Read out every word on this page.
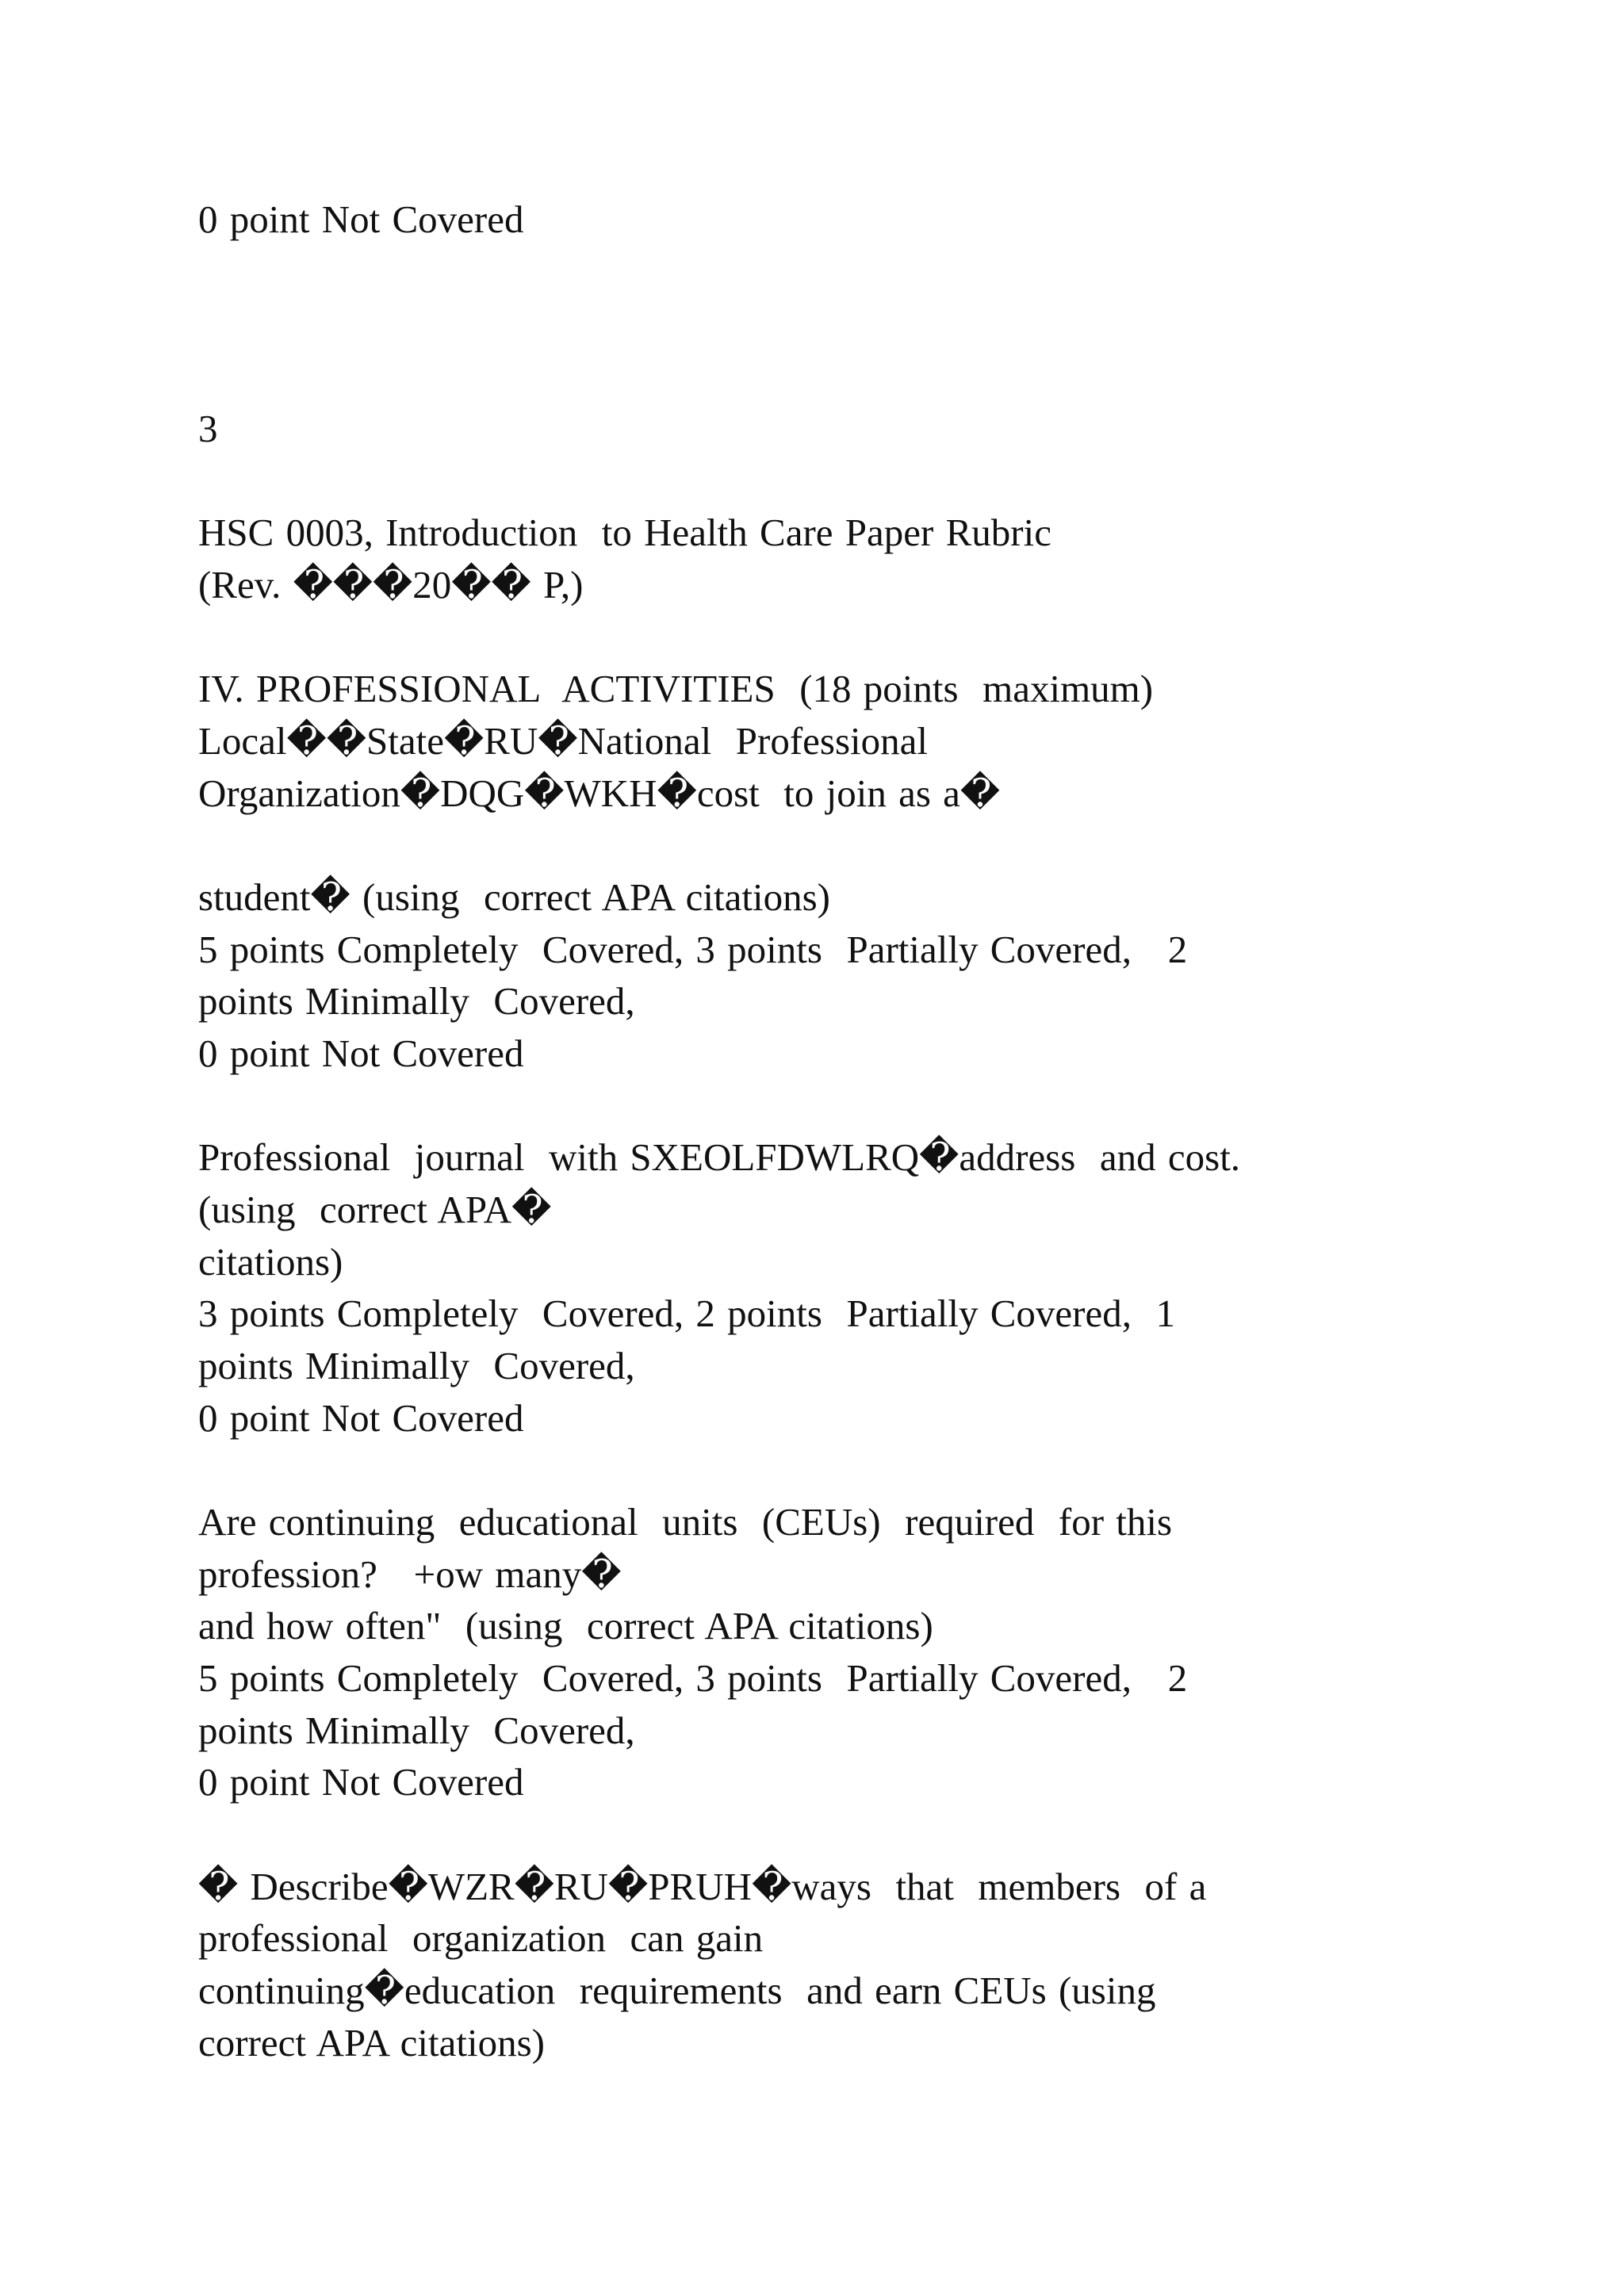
0 point Not Covered

3

HSC 0003, Introduction  to Health Care Paper Rubric

(Rev. ���20�� P,)

IV. PROFESSIONAL  ACTIVITIES  (18 points  maximum)

Local��State�RU�National  Professional

Organization�DQG�WKH�cost  to join as a�

student� (using  correct APA citations)

5 points Completely  Covered, 3 points  Partially Covered,   2

points Minimally  Covered,

0 point Not Covered

Professional  journal  with SXEOLFDWLRQ�address  and cost.

(using  correct APA�

citations)

3 points Completely  Covered, 2 points  Partially Covered,  1

points Minimally  Covered,

0 point Not Covered

Are continuing  educational  units  (CEUs)  required  for this

profession?   +ow many�

and how often"  (using  correct APA citations)

5 points Completely  Covered, 3 points  Partially Covered,   2

points Minimally  Covered,

0 point Not Covered

� Describe�WZR�RU�PRUH�ways  that  members  of a

professional  organization  can gain

continuing�education  requirements  and earn CEUs (using

correct APA citations)
